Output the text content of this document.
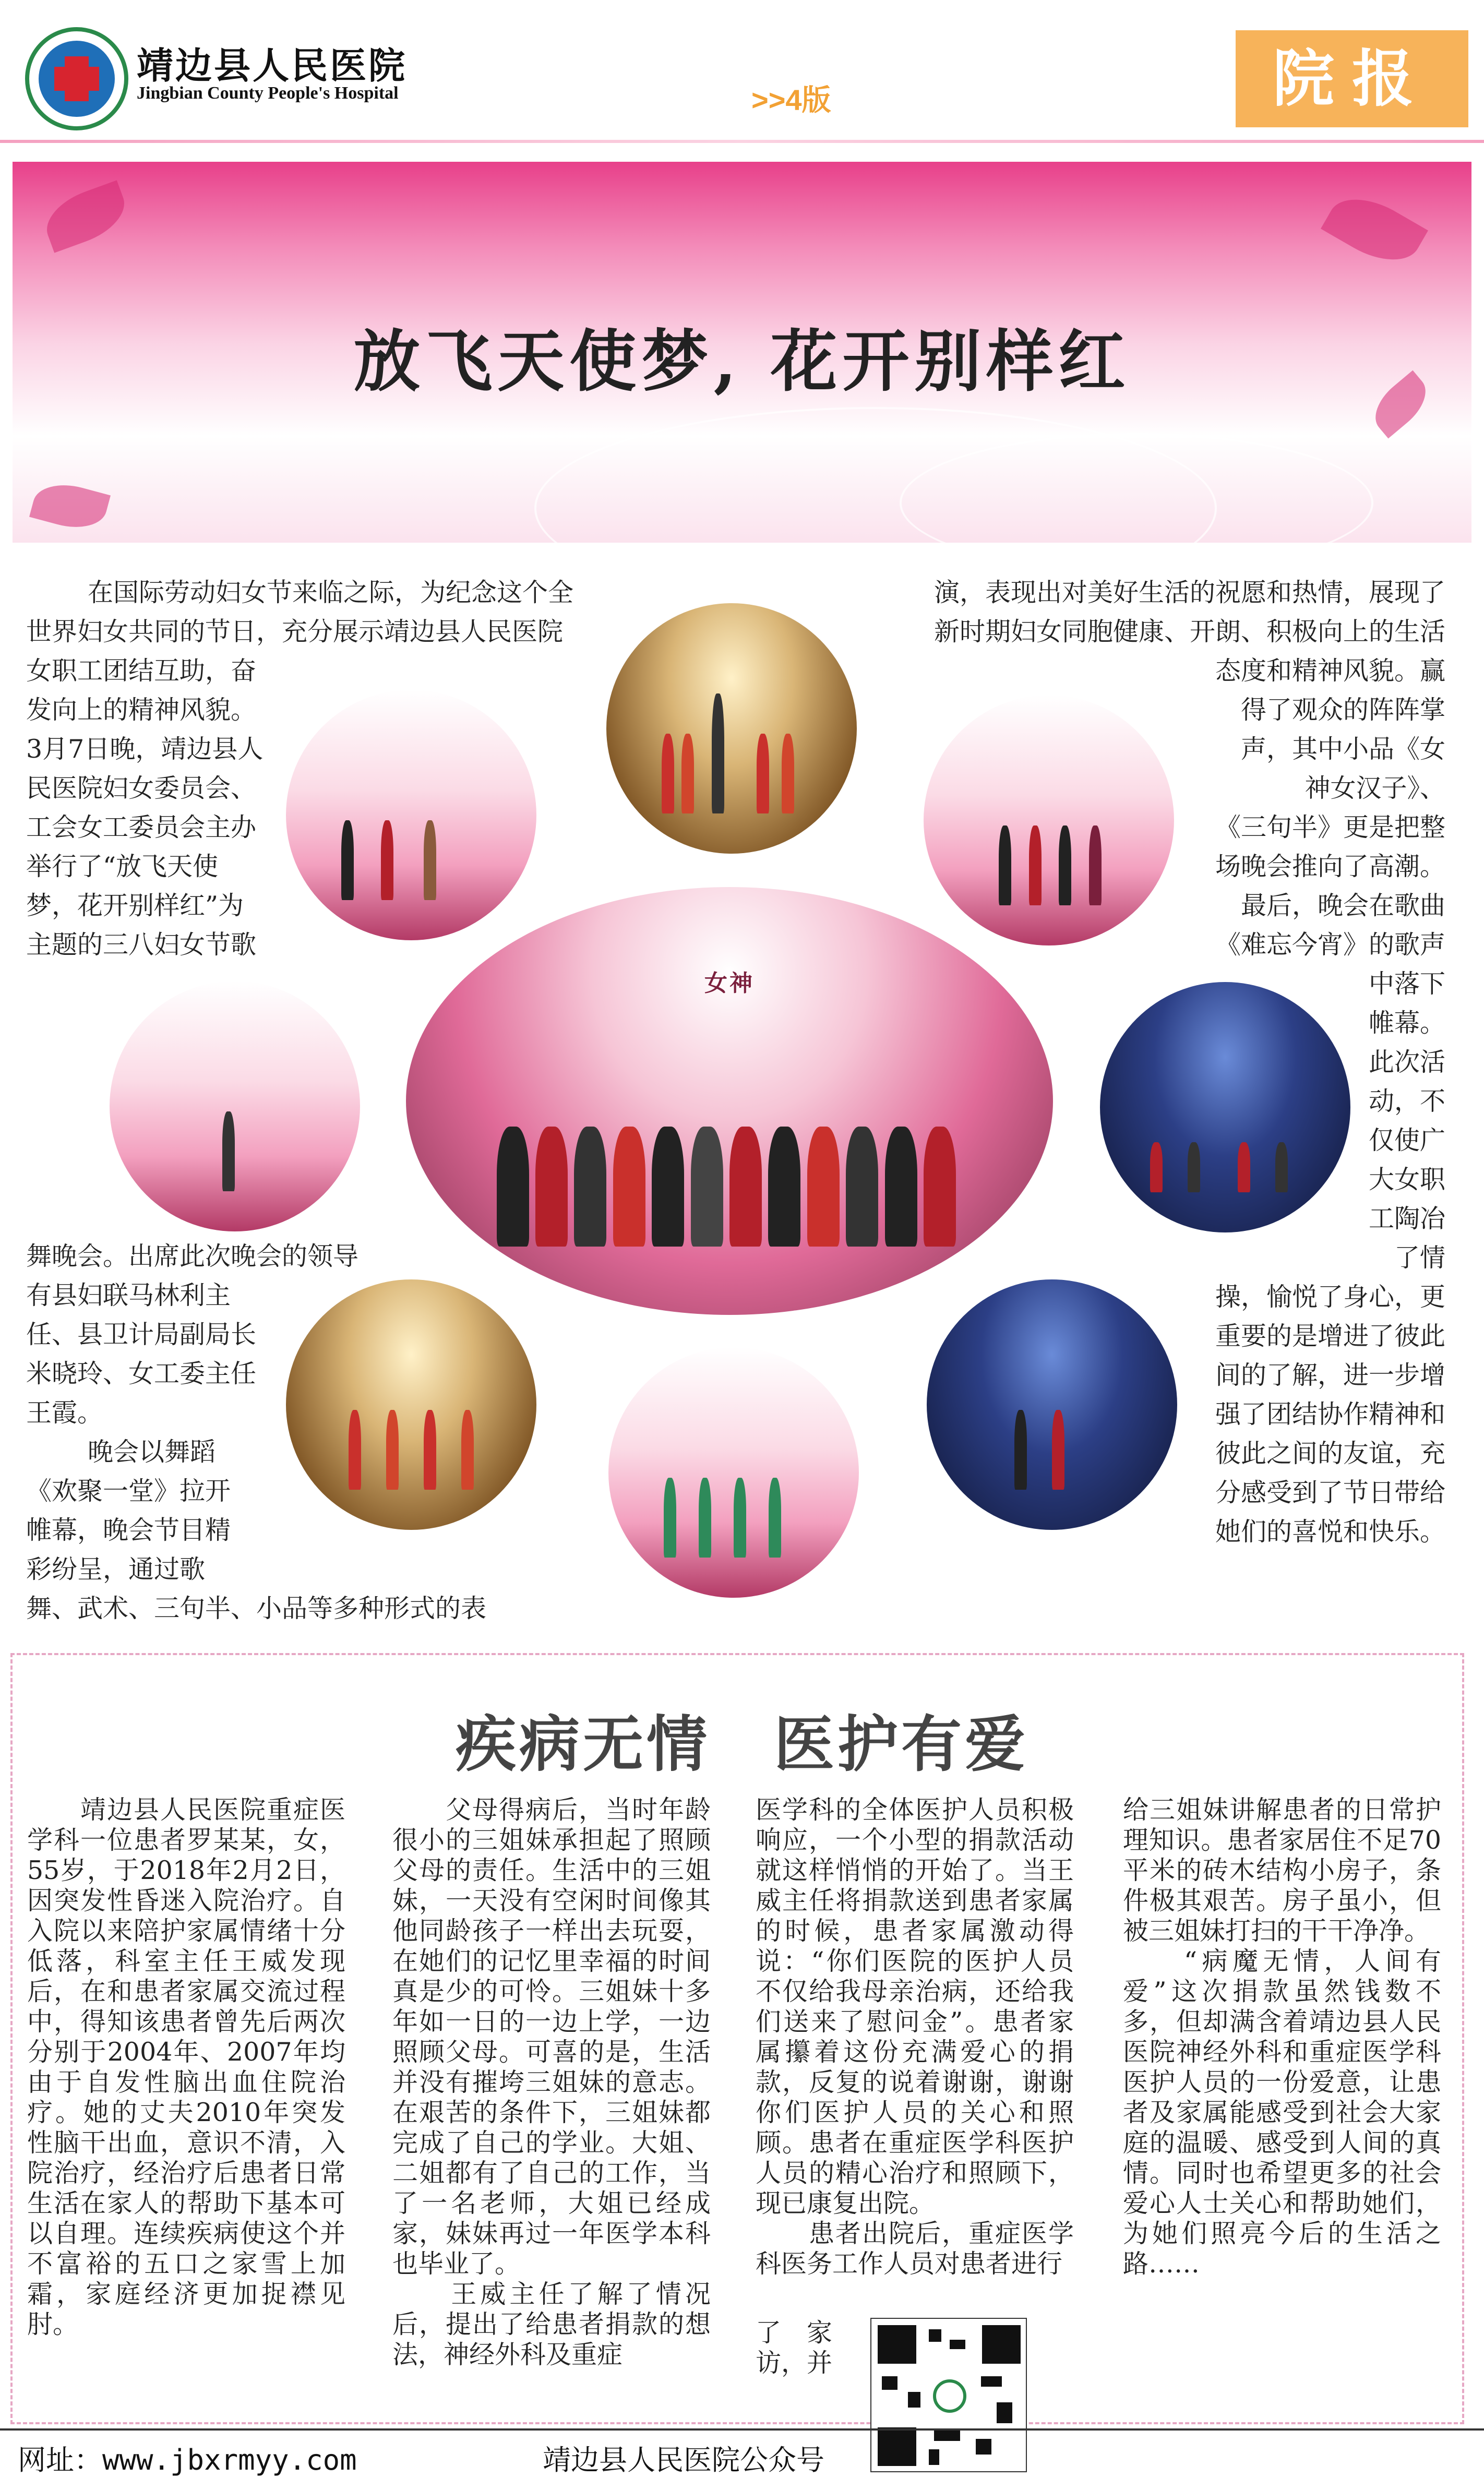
靖边县人民医院
Jingbian County People's Hospital	>>4版	院报
放飞天使梦, 花开别样红
在国际劳动妇女节来临之际，为纪念这个全
世界妇女共同的节日，充分展示靖边县人民医院
女职工团结互助，奋
发向上的精神风貌。
3月7日晚，靖边县人
民医院妇女委员会、
工会女工委员会主办
举行了“放飞天使
梦，花开别样红”为
主题的三八妇女节歌
舞晚会。出席此次晚会的领导
有县妇联马林利主
任、县卫计局副局长
米晓玲、女工委主任
王霞。
晚会以舞蹈
《欢聚一堂》拉开
帷幕，晚会节目精
彩纷呈，通过歌
舞、武术、三句半、小品等多种形式的表
演，表现出对美好生活的祝愿和热情，展现了
新时期妇女同胞健康、开朗、积极向上的生活
态度和精神风貌。赢
得了观众的阵阵掌
声，其中小品《女
神女汉子》、
《三句半》更是把整
场晚会推向了高潮。
最后，晚会在歌曲
《难忘今宵》的歌声
中落下
帷幕。
此次活
动，不
仅使广
大女职
工陶冶
了情
操，愉悦了身心，更
重要的是增进了彼此
间的了解，进一步增
强了团结协作精神和
彼此之间的友谊，充
分感受到了节日带给
她们的喜悦和快乐。
女神
疾病无情　医护有爱
　　靖边县人民医院重症医学科一位患者罗某某，女，55岁，于2018年2月2日，因突发性昏迷入院治疗。自入院以来陪护家属情绪十分低落，科室主任王威发现后，在和患者家属交流过程中，得知该患者曾先后两次分别于2004年、2007年均由于自发性脑出血住院治疗。她的丈夫2010年突发性脑干出血，意识不清，入院治疗，经治疗后患者日常生活在家人的帮助下基本可以自理。连续疾病使这个并不富裕的五口之家雪上加霜，家庭经济更加捉襟见肘。
　　父母得病后，当时年龄很小的三姐妹承担起了照顾父母的责任。生活中的三姐妹，一天没有空闲时间像其他同龄孩子一样出去玩耍，在她们的记忆里幸福的时间真是少的可怜。三姐妹十多年如一日的一边上学，一边照顾父母。可喜的是，生活并没有摧垮三姐妹的意志。在艰苦的条件下，三姐妹都完成了自己的学业。大姐、二姐都有了自己的工作，当了一名老师，大姐已经成家，妹妹再过一年医学本科也毕业了。
　　王威主任了解了情况后，提出了给患者捐款的想法，神经外科及重症
医学科的全体医护人员积极响应，一个小型的捐款活动就这样悄悄的开始了。当王威主任将捐款送到患者家属的时候，患者家属激动得说：“你们医院的医护人员不仅给我母亲治病，还给我们送来了慰问金”。患者家属攥着这份充满爱心的捐款，反复的说着谢谢，谢谢你们医护人员的关心和照顾。患者在重症医学科医护人员的精心治疗和照顾下，现已康复出院。
　　患者出院后，重症医学科医务工作人员对患者进行
了　家
访，并
给三姐妹讲解患者的日常护理知识。患者家居住不足70平米的砖木结构小房子，条件极其艰苦。房子虽小，但被三姐妹打扫的干干净净。
　　“病魔无情，人间有爱”这次捐款虽然钱数不多，但却满含着靖边县人民医院神经外科和重症医学科医护人员的一份爱意，让患者及家属能感受到社会大家庭的温暖、感受到人间的真情。同时也希望更多的社会爱心人士关心和帮助她们，为她们照亮今后的生活之路……
网址：www.jbxrmyy.com	靖边县人民医院公众号
